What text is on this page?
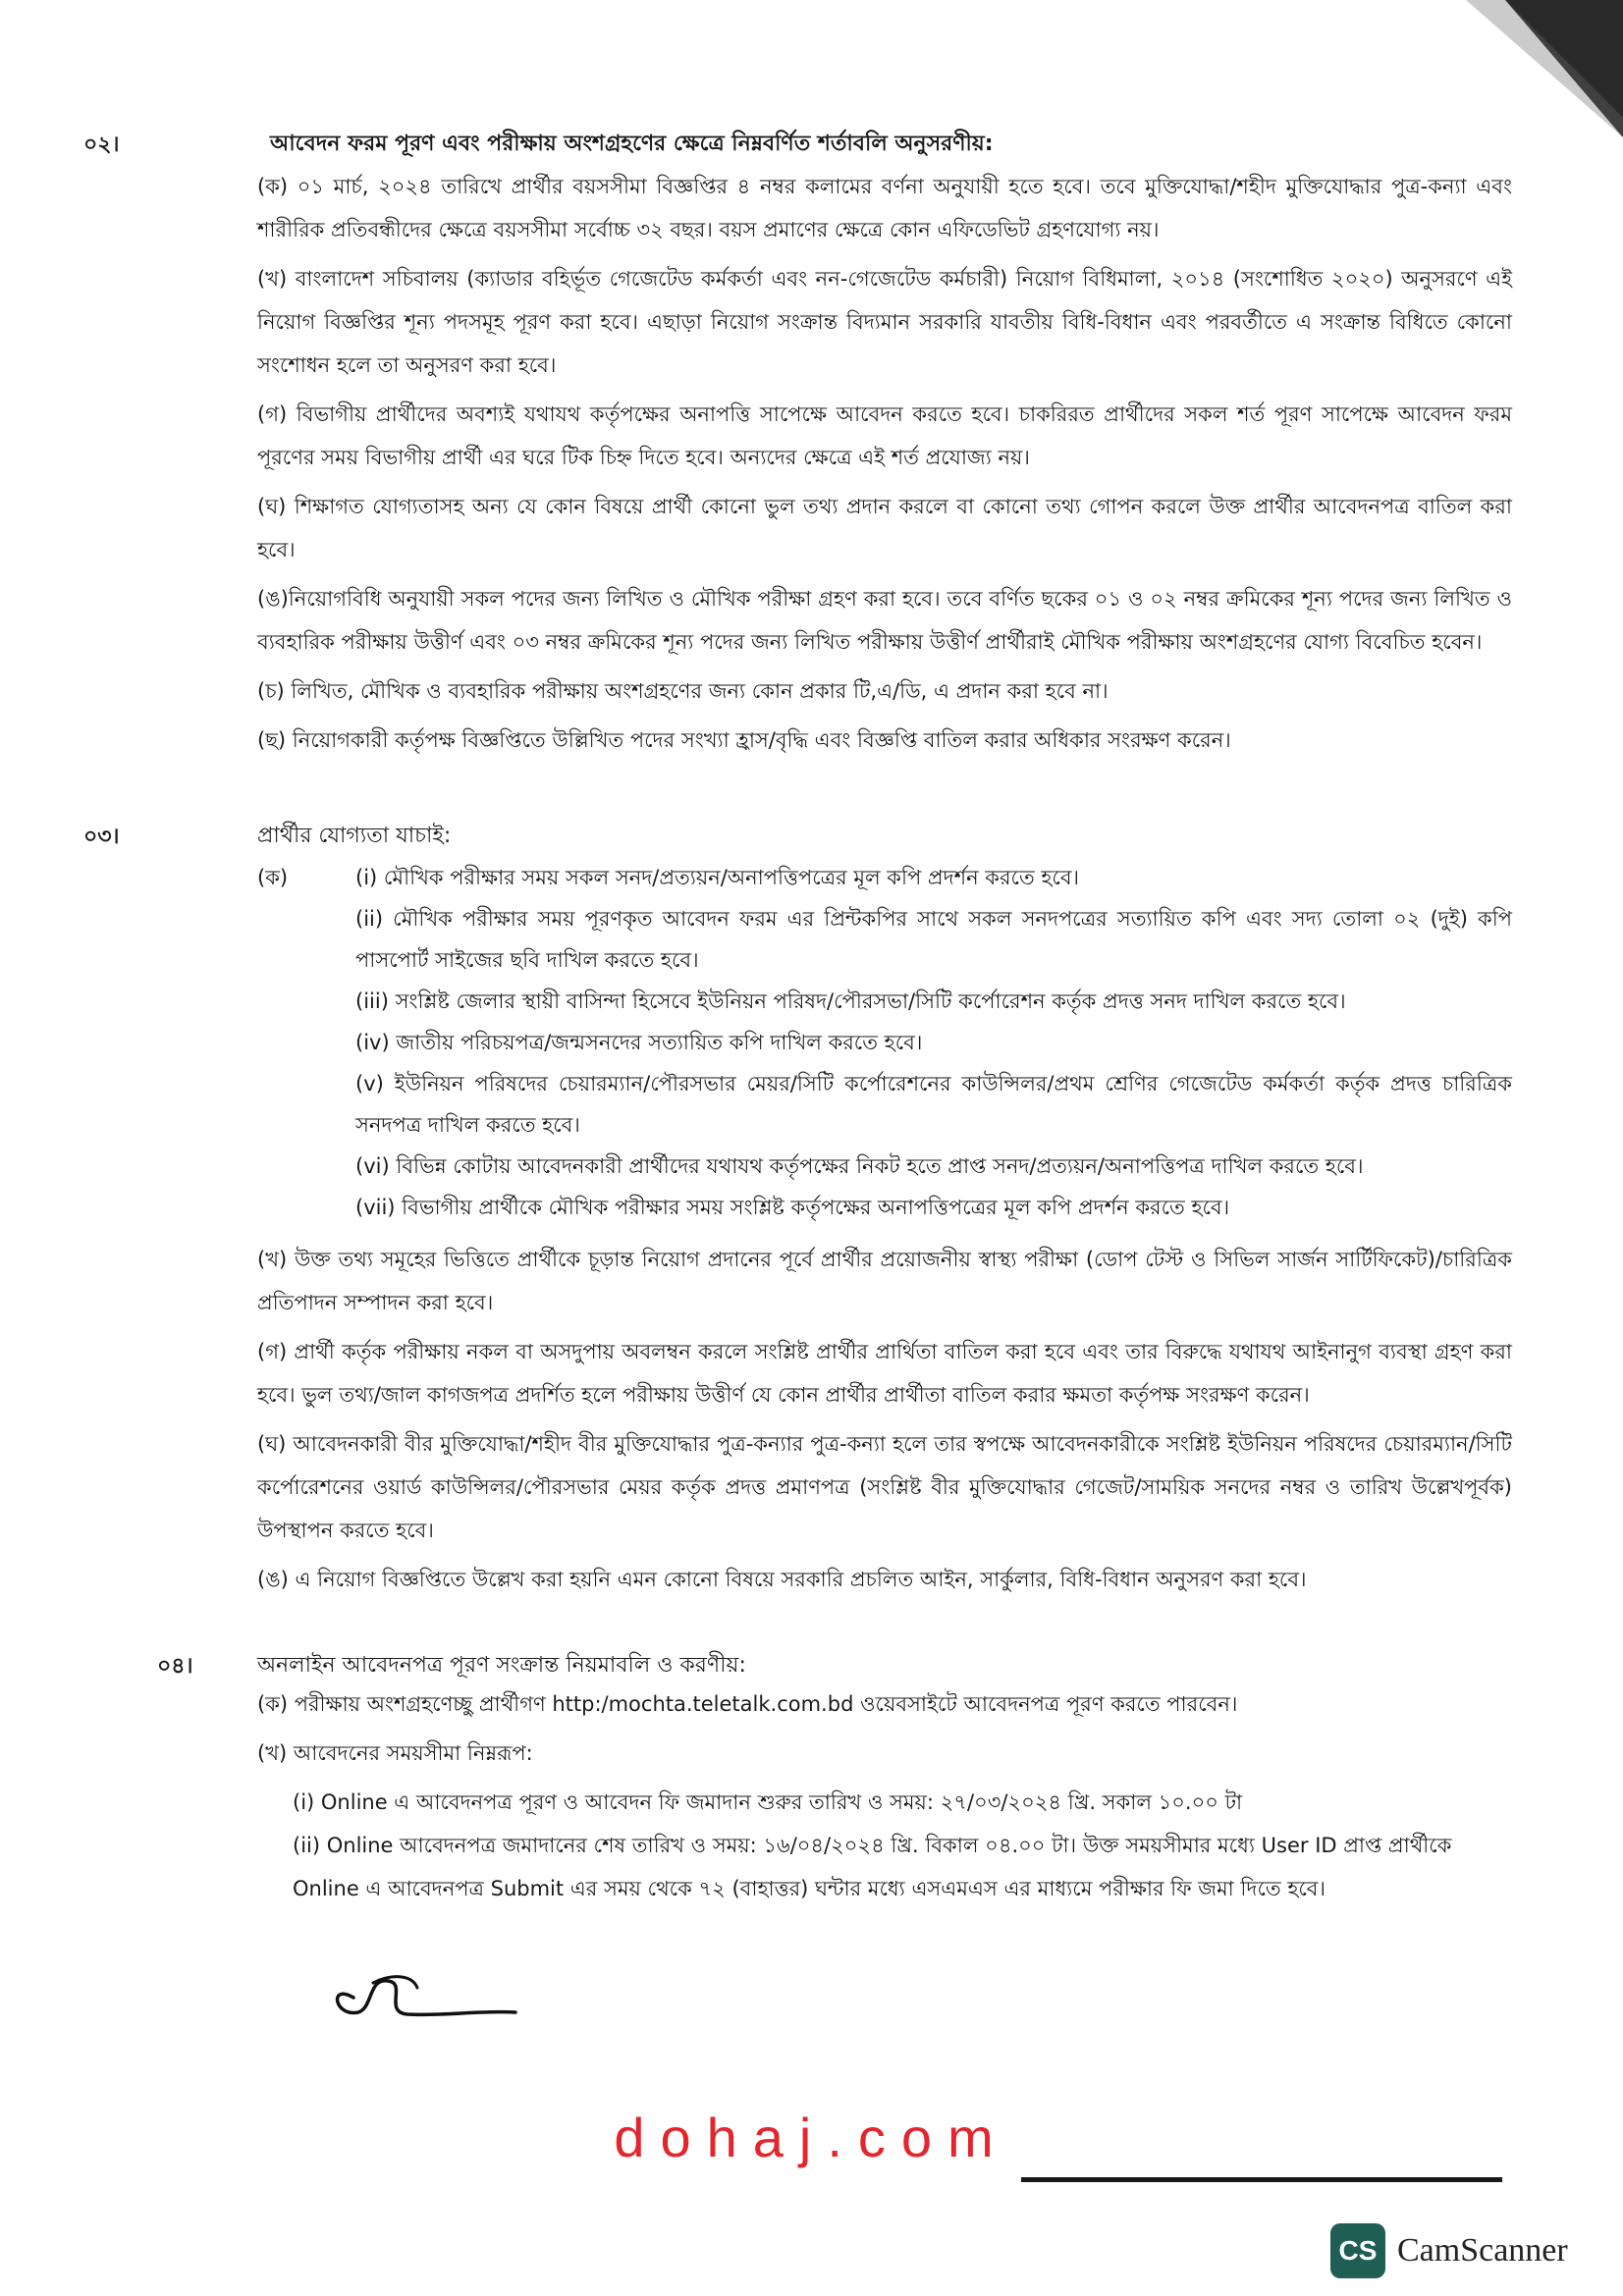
০২।	আবেদন ফরম পূরণ এবং পরীক্ষায় অংশগ্রহণের ক্ষেত্রে নিম্নবর্ণিত শর্তাবলি অনুসরণীয়:
(ক) ০১ মার্চ, ২০২৪ তারিখে প্রার্থীর বয়সসীমা বিজ্ঞপ্তির ৪ নম্বর কলামের বর্ণনা অনুযায়ী হতে হবে। তবে মুক্তিযোদ্ধা/শহীদ মুক্তিযোদ্ধার পুত্র-কন্যা এবং শারীরিক প্রতিবন্ধীদের ক্ষেত্রে বয়সসীমা সর্বোচ্চ ৩২ বছর। বয়স প্রমাণের ক্ষেত্রে কোন এফিডেভিট গ্রহণযোগ্য নয়।
(খ) বাংলাদেশ সচিবালয় (ক্যাডার বহির্ভূত গেজেটেড কর্মকর্তা এবং নন-গেজেটেড কর্মচারী) নিয়োগ বিধিমালা, ২০১৪ (সংশোধিত ২০২০) অনুসরণে এই নিয়োগ বিজ্ঞপ্তির শূন্য পদসমূহ পূরণ করা হবে। এছাড়া নিয়োগ সংক্রান্ত বিদ্যমান সরকারি যাবতীয় বিধি-বিধান এবং পরবর্তীতে এ সংক্রান্ত বিধিতে কোনো সংশোধন হলে তা অনুসরণ করা হবে।
(গ) বিভাগীয় প্রার্থীদের অবশ্যই যথাযথ কর্তৃপক্ষের অনাপত্তি সাপেক্ষে আবেদন করতে হবে। চাকরিরত প্রার্থীদের সকল শর্ত পূরণ সাপেক্ষে আবেদন ফরম পূরণের সময় বিভাগীয় প্রার্থী এর ঘরে টিক চিহ্ন দিতে হবে। অন্যদের ক্ষেত্রে এই শর্ত প্রযোজ্য নয়।
(ঘ) শিক্ষাগত যোগ্যতাসহ অন্য যে কোন বিষয়ে প্রার্থী কোনো ভুল তথ্য প্রদান করলে বা কোনো তথ্য গোপন করলে উক্ত প্রার্থীর আবেদনপত্র বাতিল করা হবে।
(ঙ)নিয়োগবিধি অনুযায়ী সকল পদের জন্য লিখিত ও মৌখিক পরীক্ষা গ্রহণ করা হবে। তবে বর্ণিত ছকের ০১ ও ০২ নম্বর ক্রমিকের শূন্য পদের জন্য লিখিত ও ব্যবহারিক পরীক্ষায় উত্তীর্ণ এবং ০৩ নম্বর ক্রমিকের শূন্য পদের জন্য লিখিত পরীক্ষায় উত্তীর্ণ প্রার্থীরাই মৌখিক পরীক্ষায় অংশগ্রহণের যোগ্য বিবেচিত হবেন।
(চ) লিখিত, মৌখিক ও ব্যবহারিক পরীক্ষায় অংশগ্রহণের জন্য কোন প্রকার টি,এ/ডি, এ প্রদান করা হবে না।
(ছ) নিয়োগকারী কর্তৃপক্ষ বিজ্ঞপ্তিতে উল্লিখিত পদের সংখ্যা হ্রাস/বৃদ্ধি এবং বিজ্ঞপ্তি বাতিল করার অধিকার সংরক্ষণ করেন।
০৩।	প্রার্থীর যোগ্যতা যাচাই:
(ক)	(i) মৌখিক পরীক্ষার সময় সকল সনদ/প্রত্যয়ন/অনাপত্তিপত্রের মূল কপি প্রদর্শন করতে হবে।
(ii) মৌখিক পরীক্ষার সময় পূরণকৃত আবেদন ফরম এর প্রিন্টকপির সাথে সকল সনদপত্রের সত্যায়িত কপি এবং সদ্য তোলা ০২ (দুই) কপি পাসপোর্ট সাইজের ছবি দাখিল করতে হবে।
(iii) সংশ্লিষ্ট জেলার স্থায়ী বাসিন্দা হিসেবে ইউনিয়ন পরিষদ/পৌরসভা/সিটি কর্পোরেশন কর্তৃক প্রদত্ত সনদ দাখিল করতে হবে।
(iv) জাতীয় পরিচয়পত্র/জন্মসনদের সত্যায়িত কপি দাখিল করতে হবে।
(v) ইউনিয়ন পরিষদের চেয়ারম্যান/পৌরসভার মেয়র/সিটি কর্পোরেশনের কাউন্সিলর/প্রথম শ্রেণির গেজেটেড কর্মকর্তা কর্তৃক প্রদত্ত চারিত্রিক সনদপত্র দাখিল করতে হবে।
(vi) বিভিন্ন কোটায় আবেদনকারী প্রার্থীদের যথাযথ কর্তৃপক্ষের নিকট হতে প্রাপ্ত সনদ/প্রত্যয়ন/অনাপত্তিপত্র দাখিল করতে হবে।
(vii) বিভাগীয় প্রার্থীকে মৌখিক পরীক্ষার সময় সংশ্লিষ্ট কর্তৃপক্ষের অনাপত্তিপত্রের মূল কপি প্রদর্শন করতে হবে।
(খ) উক্ত তথ্য সমূহের ভিত্তিতে প্রার্থীকে চূড়ান্ত নিয়োগ প্রদানের পূর্বে প্রার্থীর প্রয়োজনীয় স্বাস্থ্য পরীক্ষা (ডোপ টেস্ট ও সিভিল সার্জন সার্টিফিকেট)/চারিত্রিক প্রতিপাদন সম্পাদন করা হবে।
(গ) প্রার্থী কর্তৃক পরীক্ষায় নকল বা অসদুপায় অবলম্বন করলে সংশ্লিষ্ট প্রার্থীর প্রার্থিতা বাতিল করা হবে এবং তার বিরুদ্ধে যথাযথ আইনানুগ ব্যবস্থা গ্রহণ করা হবে। ভুল তথ্য/জাল কাগজপত্র প্রদর্শিত হলে পরীক্ষায় উত্তীর্ণ যে কোন প্রার্থীর প্রার্থীতা বাতিল করার ক্ষমতা কর্তৃপক্ষ সংরক্ষণ করেন।
(ঘ) আবেদনকারী বীর মুক্তিযোদ্ধা/শহীদ বীর মুক্তিযোদ্ধার পুত্র-কন্যার পুত্র-কন্যা হলে তার স্বপক্ষে আবেদনকারীকে সংশ্লিষ্ট ইউনিয়ন পরিষদের চেয়ারম্যান/সিটি কর্পোরেশনের ওয়ার্ড কাউন্সিলর/পৌরসভার মেয়র কর্তৃক প্রদত্ত প্রমাণপত্র (সংশ্লিষ্ট বীর মুক্তিযোদ্ধার গেজেট/সাময়িক সনদের নম্বর ও তারিখ উল্লেখপূর্বক) উপস্থাপন করতে হবে।
(ঙ) এ নিয়োগ বিজ্ঞপ্তিতে উল্লেখ করা হয়নি এমন কোনো বিষয়ে সরকারি প্রচলিত আইন, সার্কুলার, বিধি-বিধান অনুসরণ করা হবে।
০৪।	অনলাইন আবেদনপত্র পূরণ সংক্রান্ত নিয়মাবলি ও করণীয়:
(ক) পরীক্ষায় অংশগ্রহণেচ্ছু প্রার্থীগণ http:/mochta.teletalk.com.bd ওয়েবসাইটে আবেদনপত্র পূরণ করতে পারবেন।
(খ) আবেদনের সময়সীমা নিম্নরূপ:
(i) Online এ আবেদনপত্র পূরণ ও আবেদন ফি জমাদান শুরুর তারিখ ও সময়: ২৭/০৩/২০২৪ খ্রি. সকাল ১০.০০ টা
(ii) Online আবেদনপত্র জমাদানের শেষ তারিখ ও সময়: ১৬/০৪/২০২৪ খ্রি. বিকাল ০৪.০০ টা। উক্ত সময়সীমার মধ্যে User ID প্রাপ্ত প্রার্থীকে Online এ আবেদনপত্র Submit এর সময় থেকে ৭২ (বাহাত্তর) ঘন্টার মধ্যে এসএমএস এর মাধ্যমে পরীক্ষার ফি জমা দিতে হবে।
dohaj.com
CS CamScanner
